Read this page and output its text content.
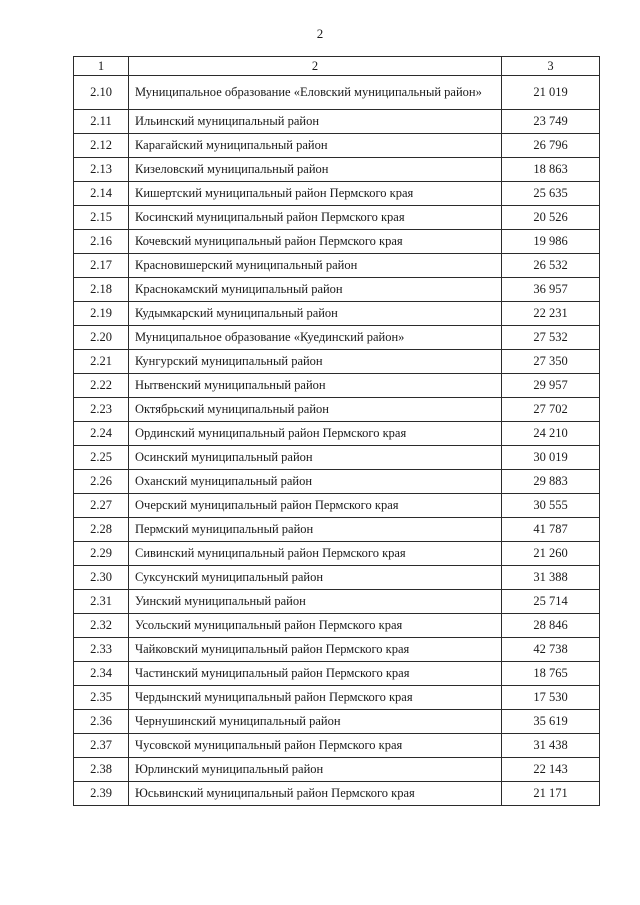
2
1	2	3
2.10	Муниципальное образование «Еловский муниципальный район»	21 019
2.11	Ильинский муниципальный район	23 749
2.12	Карагайский муниципальный район	26 796
2.13	Кизеловский муниципальный район	18 863
2.14	Кишертский муниципальный район Пермского края	25 635
2.15	Косинский муниципальный район Пермского края	20 526
2.16	Кочевский муниципальный район Пермского края	19 986
2.17	Красновишерский муниципальный район	26 532
2.18	Краснокамский муниципальный район	36 957
2.19	Кудымкарский муниципальный район	22 231
2.20	Муниципальное образование «Куединский район»	27 532
2.21	Кунгурский муниципальный район	27 350
2.22	Нытвенский муниципальный район	29 957
2.23	Октябрьский муниципальный район	27 702
2.24	Ординский муниципальный район Пермского края	24 210
2.25	Осинский муниципальный район	30 019
2.26	Оханский муниципальный район	29 883
2.27	Очерский муниципальный район Пермского края	30 555
2.28	Пермский муниципальный район	41 787
2.29	Сивинский муниципальный район Пермского края	21 260
2.30	Суксунский муниципальный район	31 388
2.31	Уинский муниципальный район	25 714
2.32	Усольский муниципальный район Пермского края	28 846
2.33	Чайковский муниципальный район Пермского края	42 738
2.34	Частинский муниципальный район Пермского края	18 765
2.35	Чердынский муниципальный район Пермского края	17 530
2.36	Чернушинский муниципальный район	35 619
2.37	Чусовской муниципальный район Пермского края	31 438
2.38	Юрлинский муниципальный район	22 143
2.39	Юсьвинский муниципальный район Пермского края	21 171
